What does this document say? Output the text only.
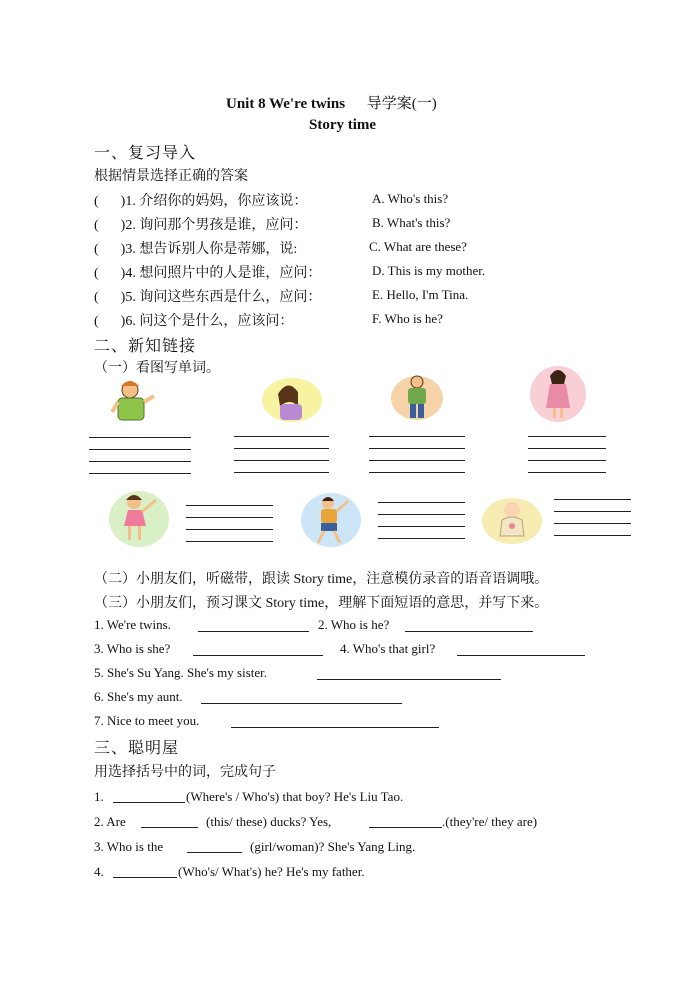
Unit 8 We're twins 导学案(一)
Story time
一、复习导入
根据情景选择正确的答案
( )1. 介绍你的妈妈，你应该说：	A. Who's this?
( )2. 询问那个男孩是谁，应问：	B. What's this?
( )3. 想告诉别人你是蒂娜，说:	C. What are these?
( )4. 想问照片中的人是谁，应问：	D. This is my mother.
( )5. 询问这些东西是什么，应问：	E. Hello, I'm Tina.
( )6. 问这个是什么，应该问：	F. Who is he?
二、新知链接
（一）看图写单词。
（二）小朋友们，听磁带，跟读 Story time，注意模仿录音的语音语调哦。
（三）小朋友们，预习课文 Story time，理解下面短语的意思，并写下来。
1. We're twins.	2. Who is he?
3. Who is she?	4. Who's that girl?
5. She's Su Yang. She's my sister.
6. She's my aunt.
7. Nice to meet you.
三、聪明屋
用选择括号中的词，完成句子
1.	(Where's / Who's) that boy? He's Liu Tao.
2. Are	(this/ these) ducks? Yes,	.(they're/ they are)
3. Who is the	(girl/woman)? She's Yang Ling.
4.	(Who's/ What's) he? He's my father.
